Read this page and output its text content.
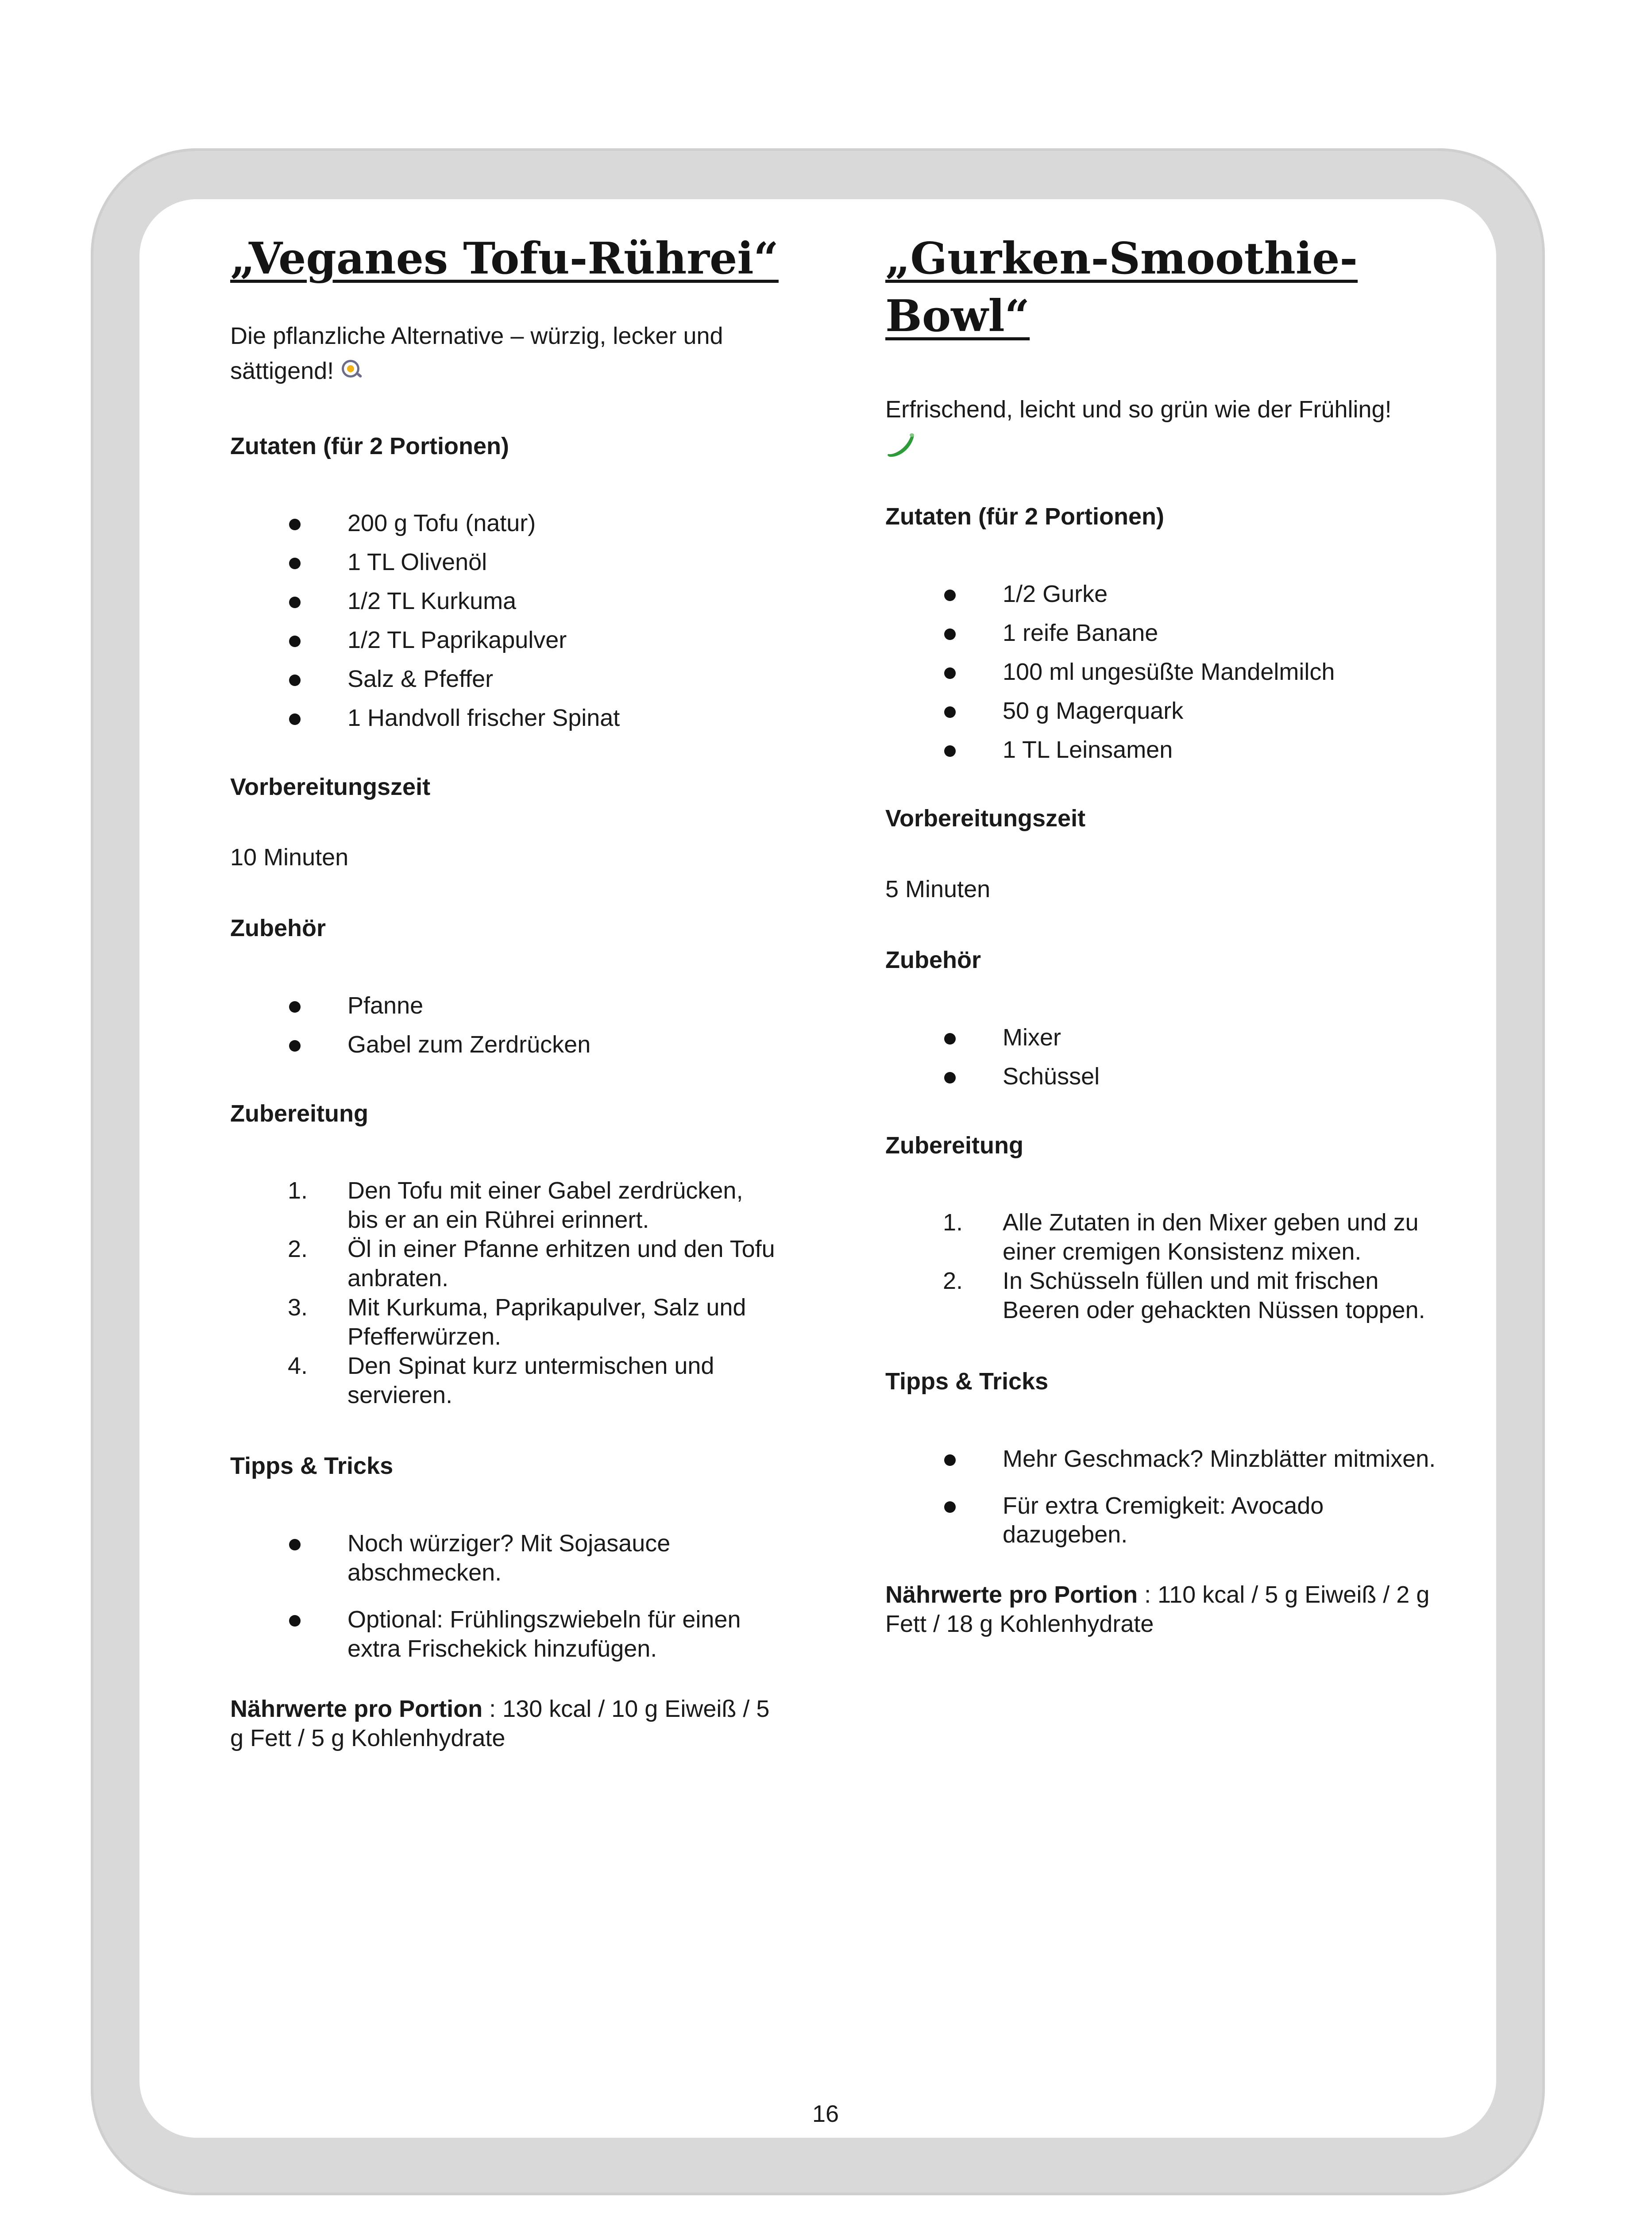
„Veganes Tofu-Rührei“

Die pflanzliche Alternative – würzig, lecker und sättigend!

Zutaten (für 2 Portionen)
200 g Tofu (natur)
1 TL Olivenöl
1/2 TL Kurkuma
1/2 TL Paprikapulver
Salz & Pfeffer
1 Handvoll frischer Spinat
Vorbereitungszeit
10 Minuten
Zubehör
Pfanne
Gabel zum Zerdrücken
Zubereitung
1. Den Tofu mit einer Gabel zerdrücken, bis er an ein Rührei erinnert.
2. Öl in einer Pfanne erhitzen und den Tofu anbraten.
3. Mit Kurkuma, Paprikapulver, Salz und Pfefferwürzen.
4. Den Spinat kurz untermischen und servieren.
Tipps & Tricks
Noch würziger? Mit Sojasauce abschmecken.
Optional: Frühlingszwiebeln für einen extra Frischekick hinzufügen.

Nährwerte pro Portion : 130 kcal / 10 g Eiweiß / 5 g Fett / 5 g Kohlenhydrate

„Gurken-Smoothie-Bowl“

Erfrischend, leicht und so grün wie der Frühling!

Zutaten (für 2 Portionen)
1/2 Gurke
1 reife Banane
100 ml ungesüßte Mandelmilch
50 g Magerquark
1 TL Leinsamen
Vorbereitungszeit
5 Minuten
Zubehör
Mixer
Schüssel
Zubereitung
1. Alle Zutaten in den Mixer geben und zu einer cremigen Konsistenz mixen.
2. In Schüsseln füllen und mit frischen Beeren oder gehackten Nüssen toppen.
Tipps & Tricks
Mehr Geschmack? Minzblätter mitmixen.
Für extra Cremigkeit: Avocado dazugeben.

Nährwerte pro Portion : 110 kcal / 5 g Eiweiß / 2 g Fett / 18 g Kohlenhydrate

16
